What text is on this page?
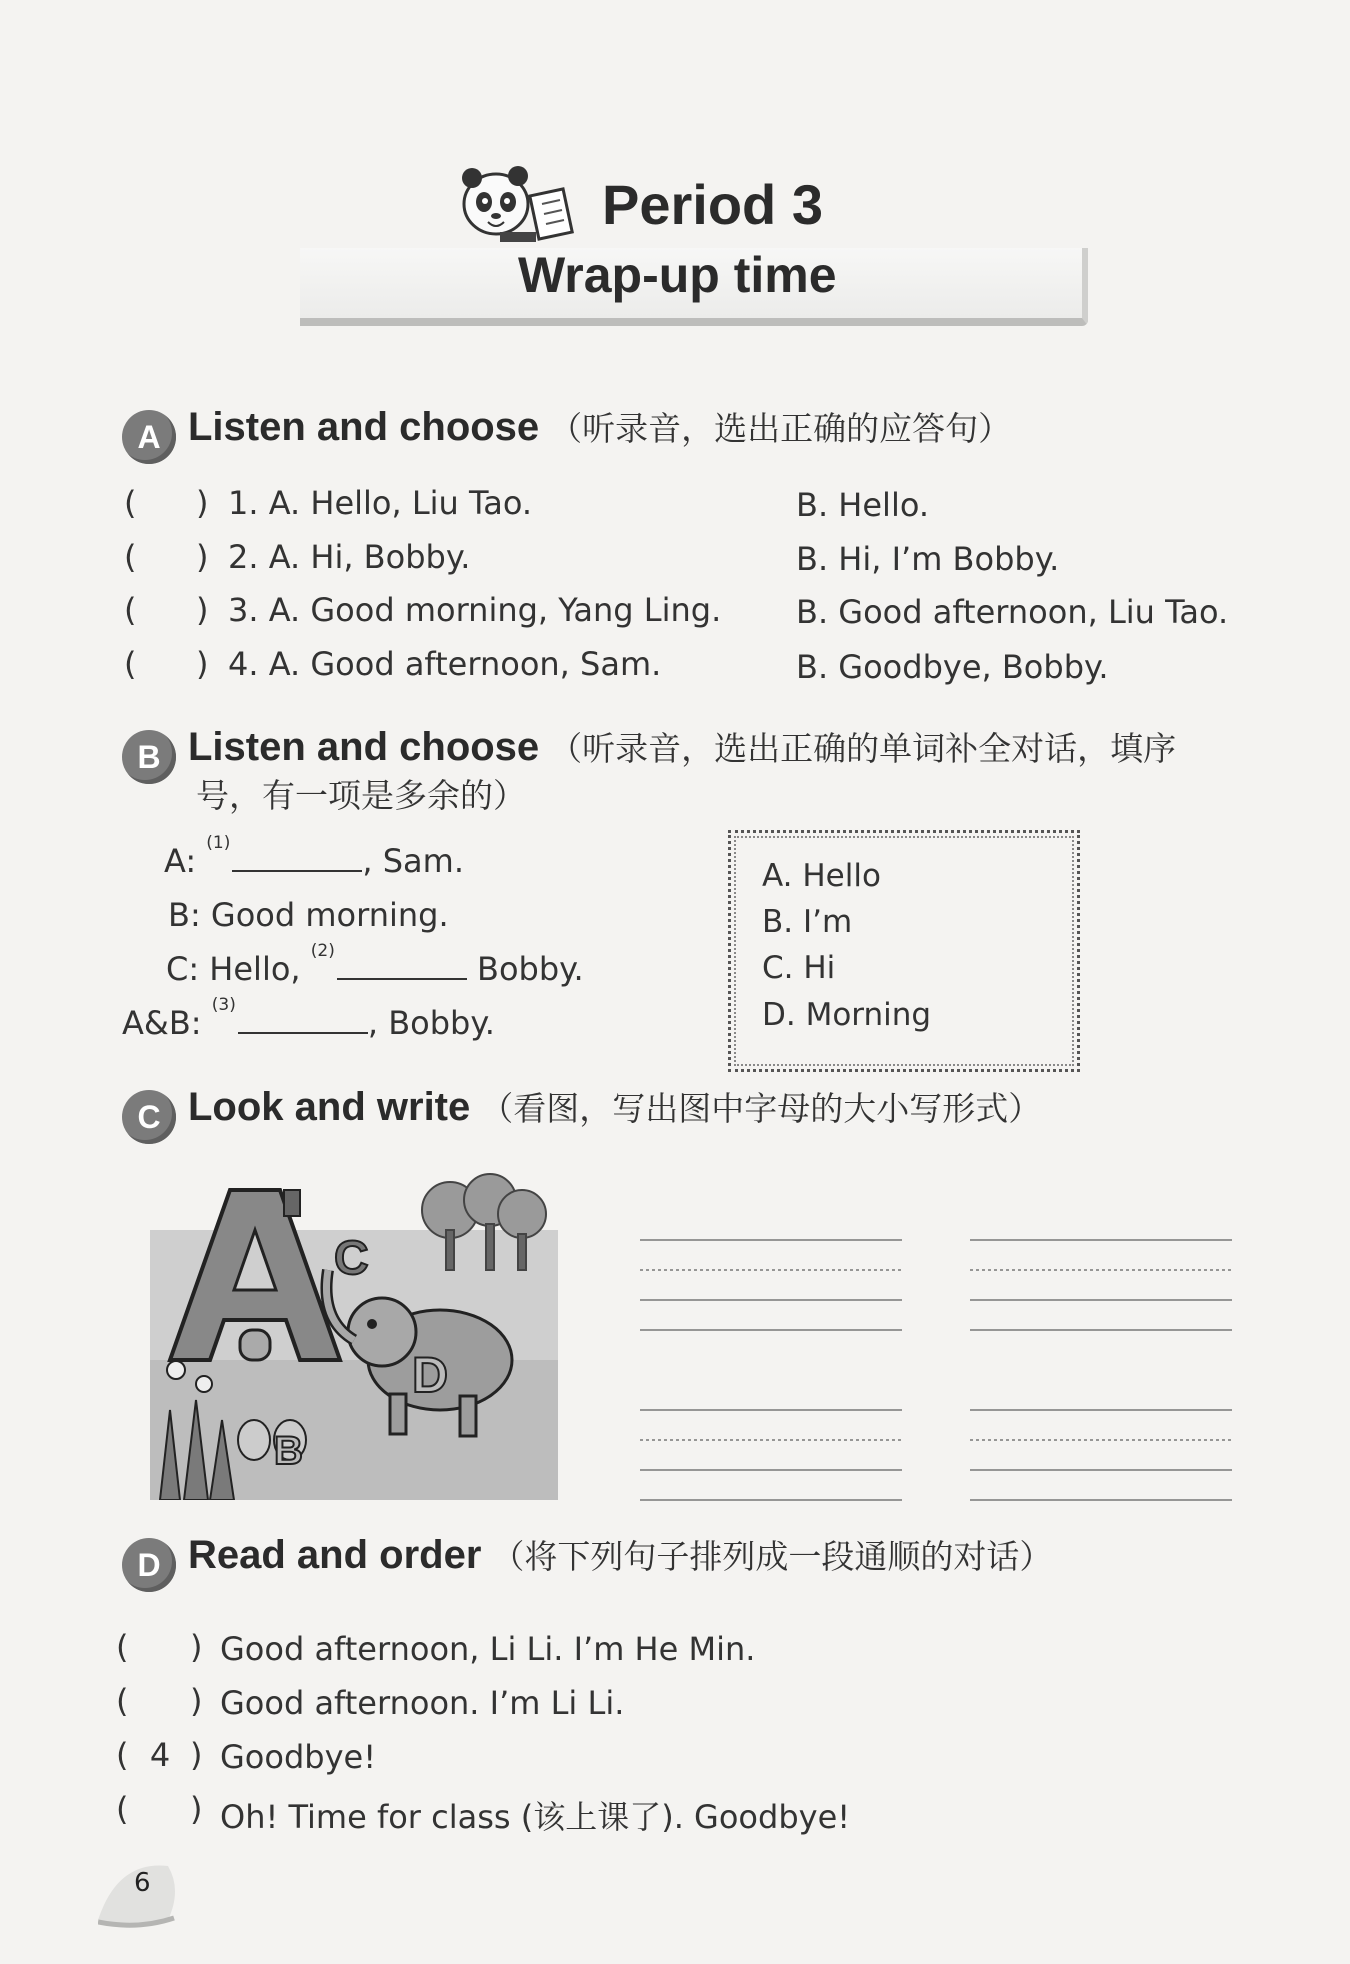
Period 3
Wrap-up time
A Listen and choose （听录音，选出正确的应答句）
( ) 1. A. Hello, Liu Tao.	B. Hello.
( ) 2. A. Hi, Bobby.	B. Hi, I’m Bobby.
( ) 3. A. Good morning, Yang Ling. B. Good afternoon, Liu Tao.
( ) 4. A. Good afternoon, Sam.	B. Goodbye, Bobby.
B Listen and choose （听录音，选出正确的单词补全对话，填序
号，有一项是多余的）
A: $^{(1)}$	, Sam.
B: Good morning.
C: Hello, $^{(2)}$	Bobby.
A&B: $^{(3)}$	, Bobby.
A. Hello
B. I’m
C. Hi
D. Morning
C Look and write （看图，写出图中字母的大小写形式）
C
D
B
D Read and order （将下列句子排列成一段通顺的对话）
( ) Good afternoon, Li Li. I’m He Min.
( ) Good afternoon. I’m Li Li.
( 4 ) Goodbye!
( ) Oh! Time for class (该上课了). Goodbye!
6
